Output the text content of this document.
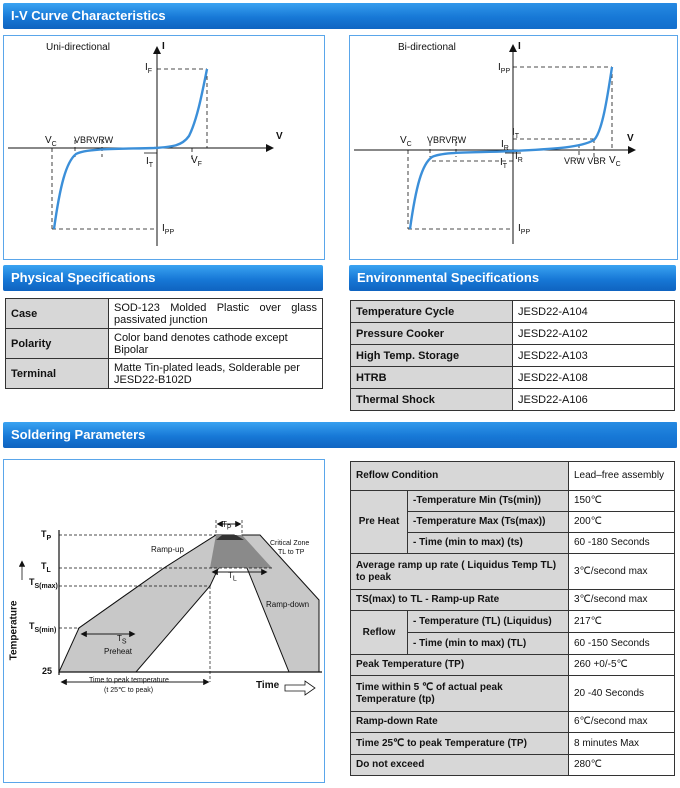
I-V Curve Characteristics
Uni-directional	I
V
$I_F$
$V_F$
$V_C$ VBRVRW
$I_T$
$I_{PP}$
Bi-directional	I
V
$I_{PP}$
$I_T$
$I_R$
$V_C$ VBRVRW
$I_R$
$I_T$
VRW VBR $V_C$
$I_{PP}$
Physical Specifications
Case	SOD-123 Molded Plastic over glass passivated junction
Polarity	Color band denotes cathode except Bipolar
Terminal	Matte Tin-plated leads, Solderable per JESD22-B102D
Environmental Specifications
Temperature Cycle	JESD22-A104
Pressure Cooker	JESD22-A102
High Temp. Storage	JESD22-A103
HTRB	JESD22-A108
Thermal Shock	JESD22-A106
Soldering Parameters
$T_P$
$T_L$
$T_{S(max)}$
$T_{S(min)}$
25
Temperature
Ramp-up
Critical Zone
TL to TP
$T_P$
$T_L$
$T_S$
Ramp-down
Preheat
Time to peak temperature
(t 25℃ to peak)	Time
Reflow Condition		Lead–free assembly
Pre Heat	-Temperature Min (Ts(min))	150℃
	-Temperature Max (Ts(max))	200℃
	- Time (min to max) (ts)	60 -180 Seconds
Average ramp up rate ( Liquidus Temp TL) to peak		3℃/second max
TS(max) to TL - Ramp-up Rate		3℃/second max
Reflow	- Temperature (TL) (Liquidus)	217℃
	- Time (min to max) (TL)	60 -150 Seconds
Peak Temperature (TP)		260 +0/-5℃
Time within 5 ℃ of actual peak Temperature (tp)		20 -40 Seconds
Ramp-down Rate		6℃/second max
Time 25℃ to peak Temperature (TP)		8 minutes Max
Do not exceed		280℃
